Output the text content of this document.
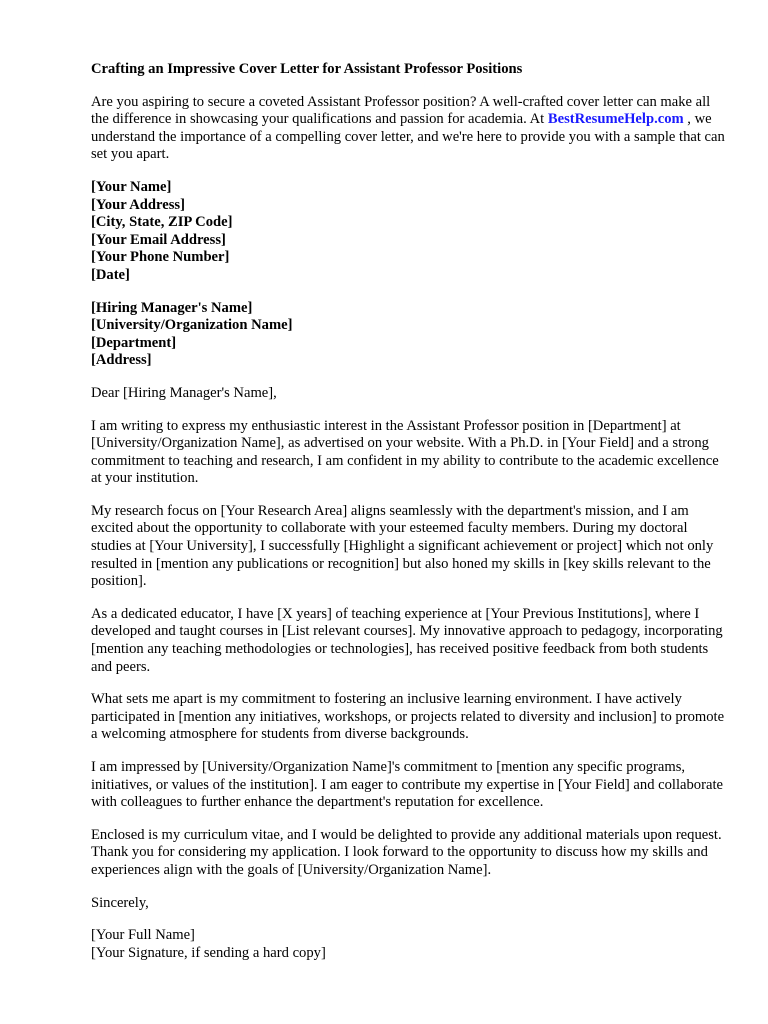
Crafting an Impressive Cover Letter for Assistant Professor Positions

Are you aspiring to secure a coveted Assistant Professor position? A well-crafted cover letter can make all the difference in showcasing your qualifications and passion for academia. At BestResumeHelp.com , we understand the importance of a compelling cover letter, and we're here to provide you with a sample that can set you apart.

[Your Name]
[Your Address]
[City, State, ZIP Code]
[Your Email Address]
[Your Phone Number]
[Date]
[Hiring Manager's Name]
[University/Organization Name]
[Department]
[Address]

Dear [Hiring Manager's Name],

I am writing to express my enthusiastic interest in the Assistant Professor position in [Department] at [University/Organization Name], as advertised on your website. With a Ph.D. in [Your Field] and a strong commitment to teaching and research, I am confident in my ability to contribute to the academic excellence at your institution.

My research focus on [Your Research Area] aligns seamlessly with the department's mission, and I am excited about the opportunity to collaborate with your esteemed faculty members. During my doctoral studies at [Your University], I successfully [Highlight a significant achievement or project] which not only resulted in [mention any publications or recognition] but also honed my skills in [key skills relevant to the position].

As a dedicated educator, I have [X years] of teaching experience at [Your Previous Institutions], where I developed and taught courses in [List relevant courses]. My innovative approach to pedagogy, incorporating [mention any teaching methodologies or technologies], has received positive feedback from both students and peers.

What sets me apart is my commitment to fostering an inclusive learning environment. I have actively participated in [mention any initiatives, workshops, or projects related to diversity and inclusion] to promote a welcoming atmosphere for students from diverse backgrounds.

I am impressed by [University/Organization Name]'s commitment to [mention any specific programs, initiatives, or values of the institution]. I am eager to contribute my expertise in [Your Field] and collaborate with colleagues to further enhance the department's reputation for excellence.

Enclosed is my curriculum vitae, and I would be delighted to provide any additional materials upon request. Thank you for considering my application. I look forward to the opportunity to discuss how my skills and experiences align with the goals of [University/Organization Name].

Sincerely,

[Your Full Name]
[Your Signature, if sending a hard copy]
